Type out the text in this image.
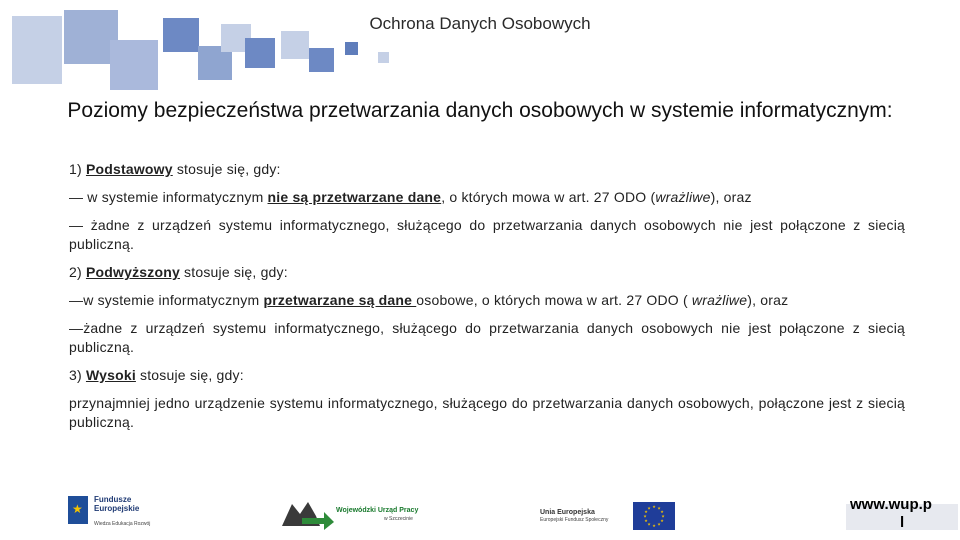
Ochrona Danych Osobowych
Poziomy bezpieczeństwa przetwarzania danych osobowych w systemie informatycznym:

1) Podstawowy stosuje się, gdy:

— w systemie informatycznym nie są przetwarzane dane, o których mowa w art. 27 ODO (wrażliwe), oraz

— żadne z urządzeń systemu informatycznego, służącego do przetwarzania danych osobowych nie jest połączone z siecią publiczną.

2) Podwyższony stosuje się, gdy:

—w systemie informatycznym przetwarzane są dane osobowe, o których mowa w art. 27 ODO ( wrażliwe), oraz

—żadne z urządzeń systemu informatycznego, służącego do przetwarzania danych osobowych nie jest połączone z siecią publiczną.

3) Wysoki stosuje się, gdy:

przynajmniej jedno urządzenie systemu informatycznego, służącego do przetwarzania danych osobowych, połączone jest z siecią publiczną.

★
Fundusze
Europejskie
Wiedza Edukacja Rozwój
Wojewódzki Urząd Pracy
w Szczecinie
Unia Europejska
Europejski Fundusz Społeczny
★ ★
★
★
★
★
★
★
★
★
★
★	www.wup.p
l
